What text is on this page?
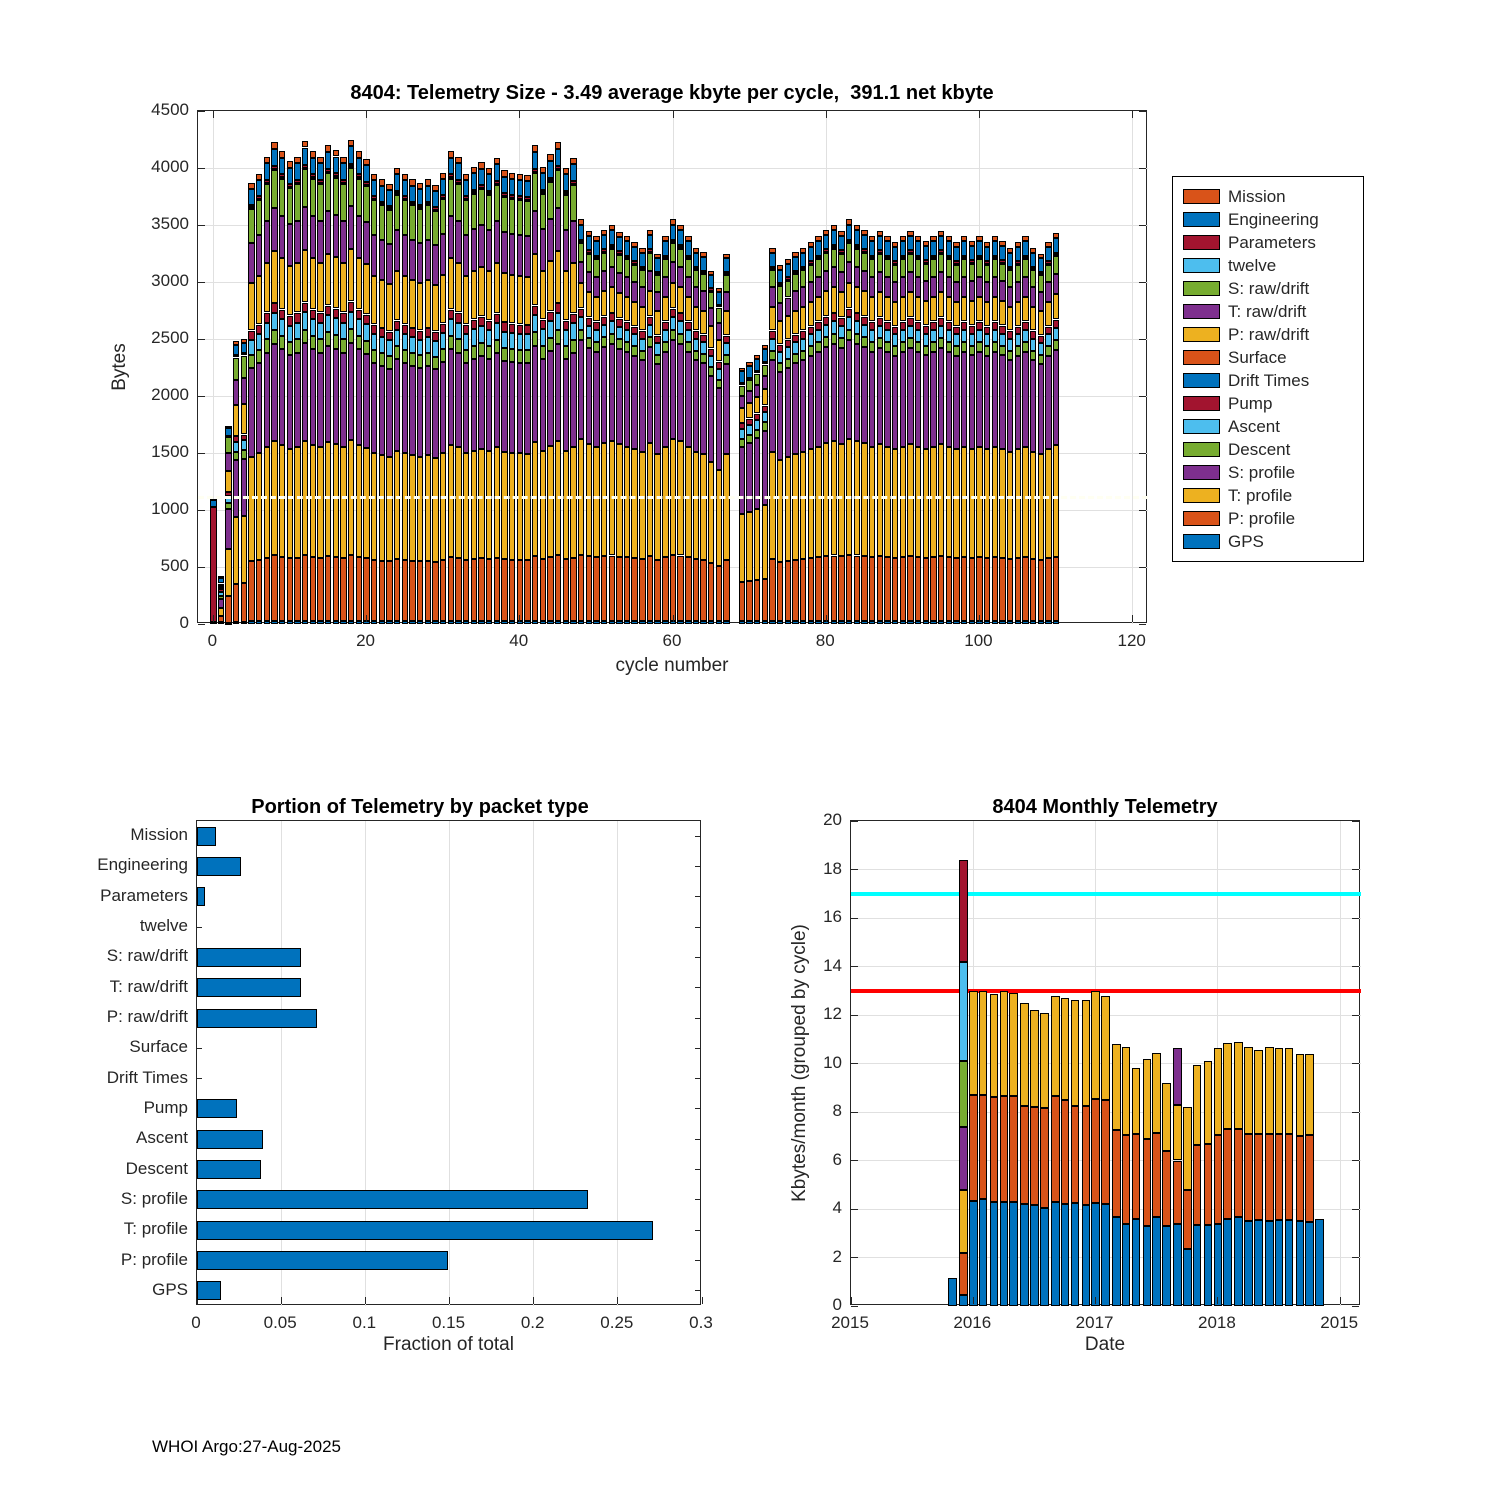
8404: Telemetry Size - 3.49 average kbyte per cycle,  391.1 net kbyte
Bytes
cycle number
Mission
Engineering
Parameters
twelve
S: raw/drift
T: raw/drift
P: raw/drift
Surface
Drift Times
Pump
Ascent
Descent
S: profile
T: profile
P: profile
GPS
Portion of Telemetry by packet type
Fraction of total
8404 Monthly Telemetry
Kbytes/month (grouped by cycle)
Date
WHOI Argo:27-Aug-2025
0	20	40	60	80	100	120
0
500
1000
1500
2000
2500
3000
3500
4000
4500
0	0.05	0.1	0.15	0.2	0.25	0.3
Mission
Engineering
Parameters
twelve
S: raw/drift
T: raw/drift
P: raw/drift
Surface
Drift Times
Pump
Ascent
Descent
S: profile
T: profile
P: profile
GPS
2015	2016	2017	2018	2015
0
2
4
6
8
10
12
14
16
18
20
